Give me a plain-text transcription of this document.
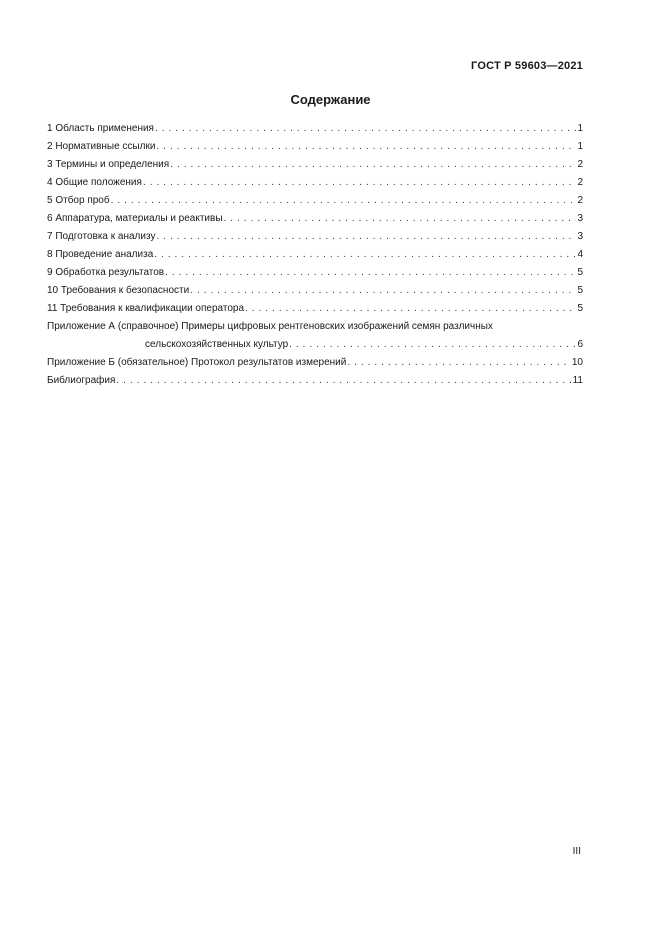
ГОСТ Р 59603—2021
Содержание
1 Область применения . . .	1
2 Нормативные ссылки . . .	1
3 Термины и определения . . .	2
4 Общие положения . . .	2
5 Отбор проб . . .	2
6 Аппаратура, материалы и реактивы . . .	3
7 Подготовка к анализу . . .	3
8 Проведение анализа . . .	4
9 Обработка результатов . . .	5
10 Требования к безопасности . . .	5
11 Требования к квалификации оператора . . .	5
Приложение А (справочное) Примеры цифровых рентгеновских изображений семян различных
сельскохозяйственных культур . . .	6
Приложение Б (обязательное) Протокол результатов измерений . . .	10
Библиография . . .	11
III
